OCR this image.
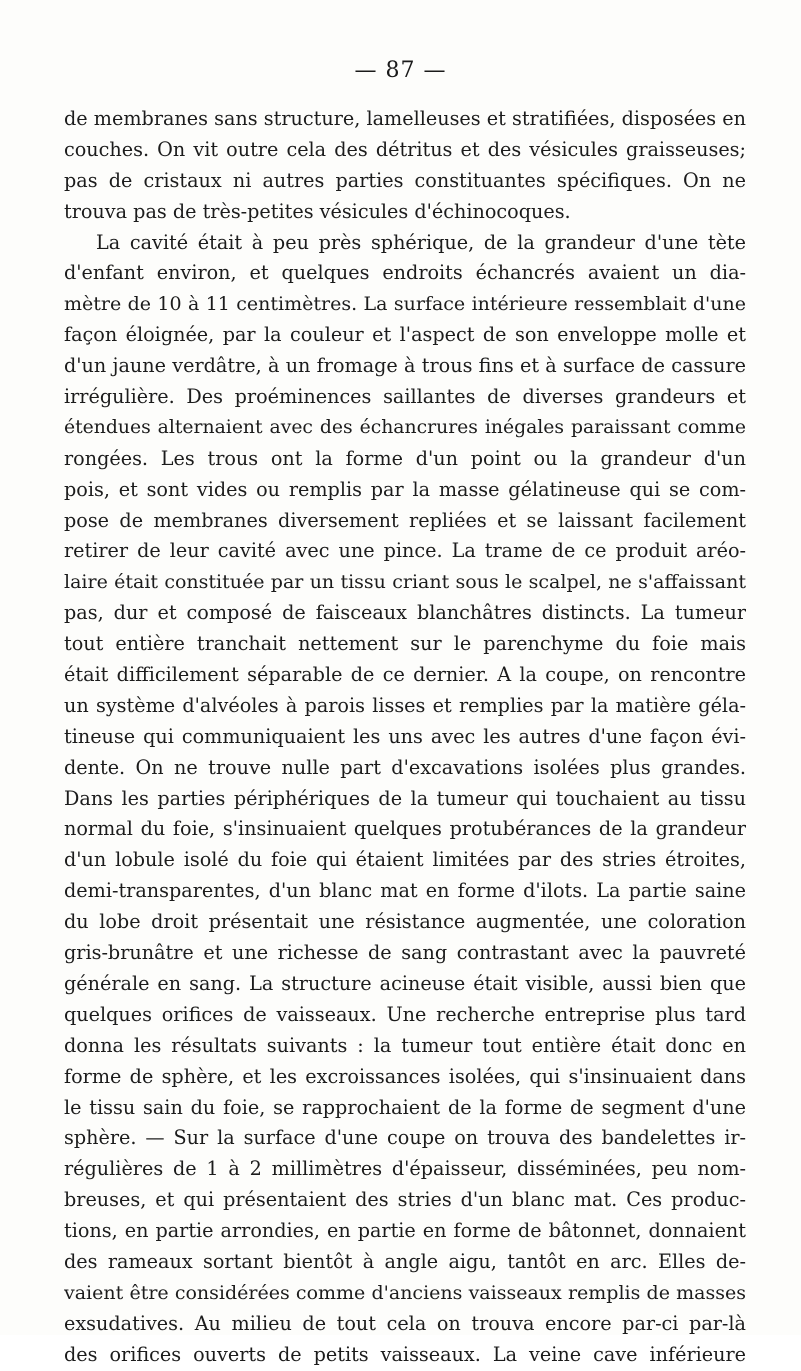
— 87 —
de membranes sans structure, lamelleuses et stratifiées, disposées en
couches. On vit outre cela des détritus et des vésicules graisseuses;
pas de cristaux ni autres parties constituantes spécifiques. On ne
trouva pas de très-petites vésicules d'échinocoques.
La cavité était à peu près sphérique, de la grandeur d'une tète
d'enfant environ, et quelques endroits échancrés avaient un dia-
mètre de 10 à 11 centimètres. La surface intérieure ressemblait d'une
façon éloignée, par la couleur et l'aspect de son enveloppe molle et
d'un jaune verdâtre, à un fromage à trous fins et à surface de cassure
irrégulière. Des proéminences saillantes de diverses grandeurs et
étendues alternaient avec des échancrures inégales paraissant comme
rongées. Les trous ont la forme d'un point ou la grandeur d'un
pois, et sont vides ou remplis par la masse gélatineuse qui se com-
pose de membranes diversement repliées et se laissant facilement
retirer de leur cavité avec une pince. La trame de ce produit aréo-
laire était constituée par un tissu criant sous le scalpel, ne s'affaissant
pas, dur et composé de faisceaux blanchâtres distincts. La tumeur
tout entière tranchait nettement sur le parenchyme du foie mais
était difficilement séparable de ce dernier. A la coupe, on rencontre
un système d'alvéoles à parois lisses et remplies par la matière géla-
tineuse qui communiquaient les uns avec les autres d'une façon évi-
dente. On ne trouve nulle part d'excavations isolées plus grandes.
Dans les parties périphériques de la tumeur qui touchaient au tissu
normal du foie, s'insinuaient quelques protubérances de la grandeur
d'un lobule isolé du foie qui étaient limitées par des stries étroites,
demi-transparentes, d'un blanc mat en forme d'ilots. La partie saine
du lobe droit présentait une résistance augmentée, une coloration
gris-brunâtre et une richesse de sang contrastant avec la pauvreté
générale en sang. La structure acineuse était visible, aussi bien que
quelques orifices de vaisseaux. Une recherche entreprise plus tard
donna les résultats suivants : la tumeur tout entière était donc en
forme de sphère, et les excroissances isolées, qui s'insinuaient dans
le tissu sain du foie, se rapprochaient de la forme de segment d'une
sphère. — Sur la surface d'une coupe on trouva des bandelettes ir-
régulières de 1 à 2 millimètres d'épaisseur, disséminées, peu nom-
breuses, et qui présentaient des stries d'un blanc mat. Ces produc-
tions, en partie arrondies, en partie en forme de bâtonnet, donnaient
des rameaux sortant bientôt à angle aigu, tantôt en arc. Elles de-
vaient être considérées comme d'anciens vaisseaux remplis de masses
exsudatives. Au milieu de tout cela on trouva encore par-ci par-là
des orifices ouverts de petits vaisseaux. La veine cave inférieure
